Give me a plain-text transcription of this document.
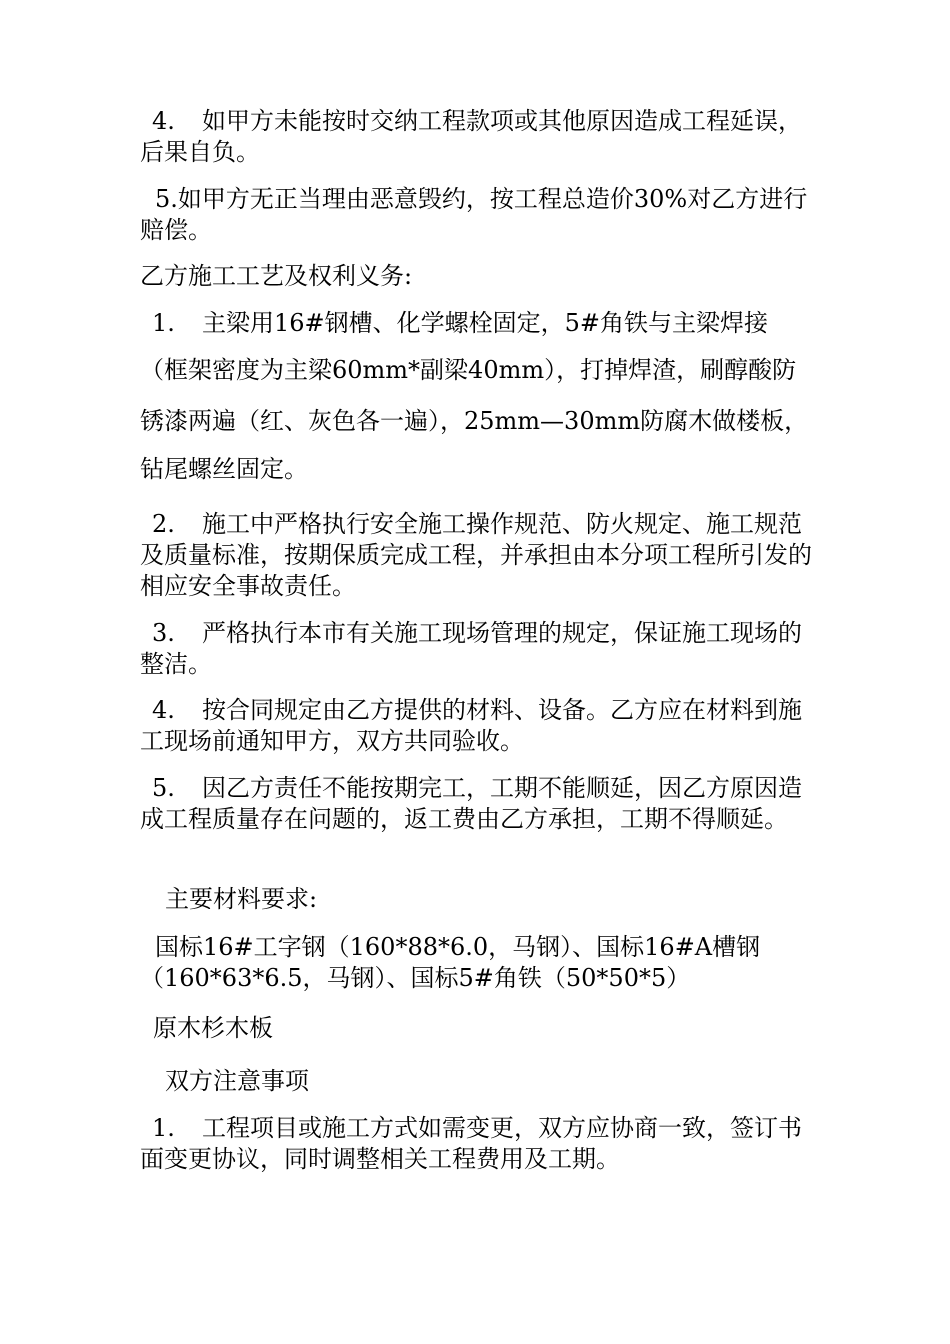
4. 如甲方未能按时交纳工程款项或其他原因造成工程延误，后果自负。

5.如甲方无正当理由恶意毁约，按工程总造价30%对乙方进行赔偿。

乙方施工工艺及权利义务:

1. 主梁用16#钢槽、化学螺栓固定，5#角铁与主梁焊接

（框架密度为主梁60mm*副梁40mm），打掉焊渣，刷醇酸防

锈漆两遍（红、灰色各一遍），25mm—30mm防腐木做楼板，

钻尾螺丝固定。

2. 施工中严格执行安全施工操作规范、防火规定、施工规范及质量标准，按期保质完成工程，并承担由本分项工程所引发的相应安全事故责任。

3. 严格执行本市有关施工现场管理的规定，保证施工现场的整洁。

4. 按合同规定由乙方提供的材料、设备。乙方应在材料到施工现场前通知甲方，双方共同验收。

5. 因乙方责任不能按期完工，工期不能顺延，因乙方原因造成工程质量存在问题的，返工费由乙方承担，工期不得顺延。

主要材料要求:

国标16#工字钢（160*88*6.0，马钢）、国标16#A槽钢（160*63*6.5，马钢）、国标5#角铁（50*50*5）

原木杉木板

双方注意事项

1. 工程项目或施工方式如需变更，双方应协商一致，签订书面变更协议，同时调整相关工程费用及工期。
